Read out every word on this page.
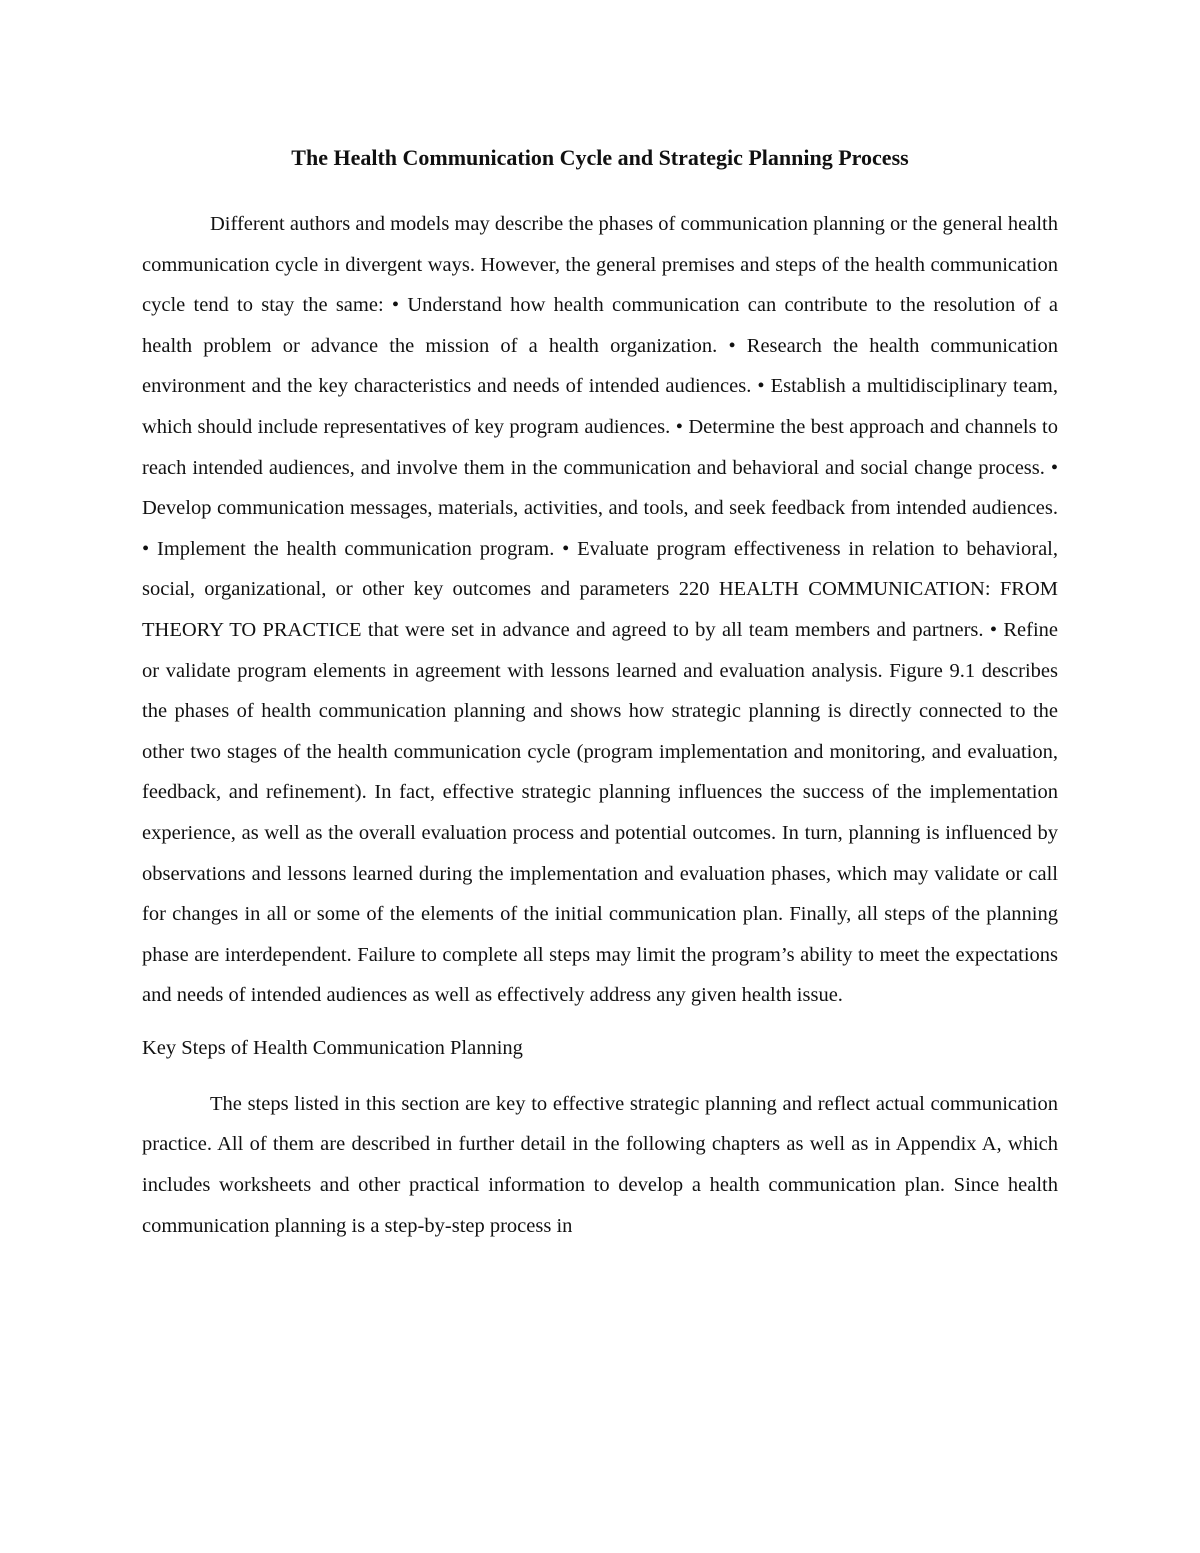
The Health Communication Cycle and Strategic Planning Process

Different authors and models may describe the phases of communication planning or the general health communication cycle in divergent ways. However, the general premises and steps of the health communication cycle tend to stay the same: • Understand how health communication can contribute to the resolution of a health problem or advance the mission of a health organization. • Research the health communication environment and the key characteristics and needs of intended audiences. • Establish a multidisciplinary team, which should include representatives of key program audiences. • Determine the best approach and channels to reach intended audiences, and involve them in the communication and behavioral and social change process. • Develop communication messages, materials, activities, and tools, and seek feedback from intended audiences. • Implement the health communication program. • Evaluate program effectiveness in relation to behavioral, social, organizational, or other key outcomes and parameters 220 HEALTH COMMUNICATION: FROM THEORY TO PRACTICE that were set in advance and agreed to by all team members and partners. • Refine or validate program elements in agreement with lessons learned and evaluation analysis. Figure 9.1 describes the phases of health communication planning and shows how strategic planning is directly connected to the other two stages of the health communication cycle (program implementation and monitoring, and evaluation, feedback, and refinement). In fact, effective strategic planning influences the success of the implementation experience, as well as the overall evaluation process and potential outcomes. In turn, planning is influenced by observations and lessons learned during the implementation and evaluation phases, which may validate or call for changes in all or some of the elements of the initial communication plan. Finally, all steps of the planning phase are interdependent. Failure to complete all steps may limit the program’s ability to meet the expectations and needs of intended audiences as well as effectively address any given health issue.

Key Steps of Health Communication Planning

The steps listed in this section are key to effective strategic planning and reflect actual communication practice. All of them are described in further detail in the following chapters as well as in Appendix A, which includes worksheets and other practical information to develop a health communication plan. Since health communication planning is a step-by-step process in
